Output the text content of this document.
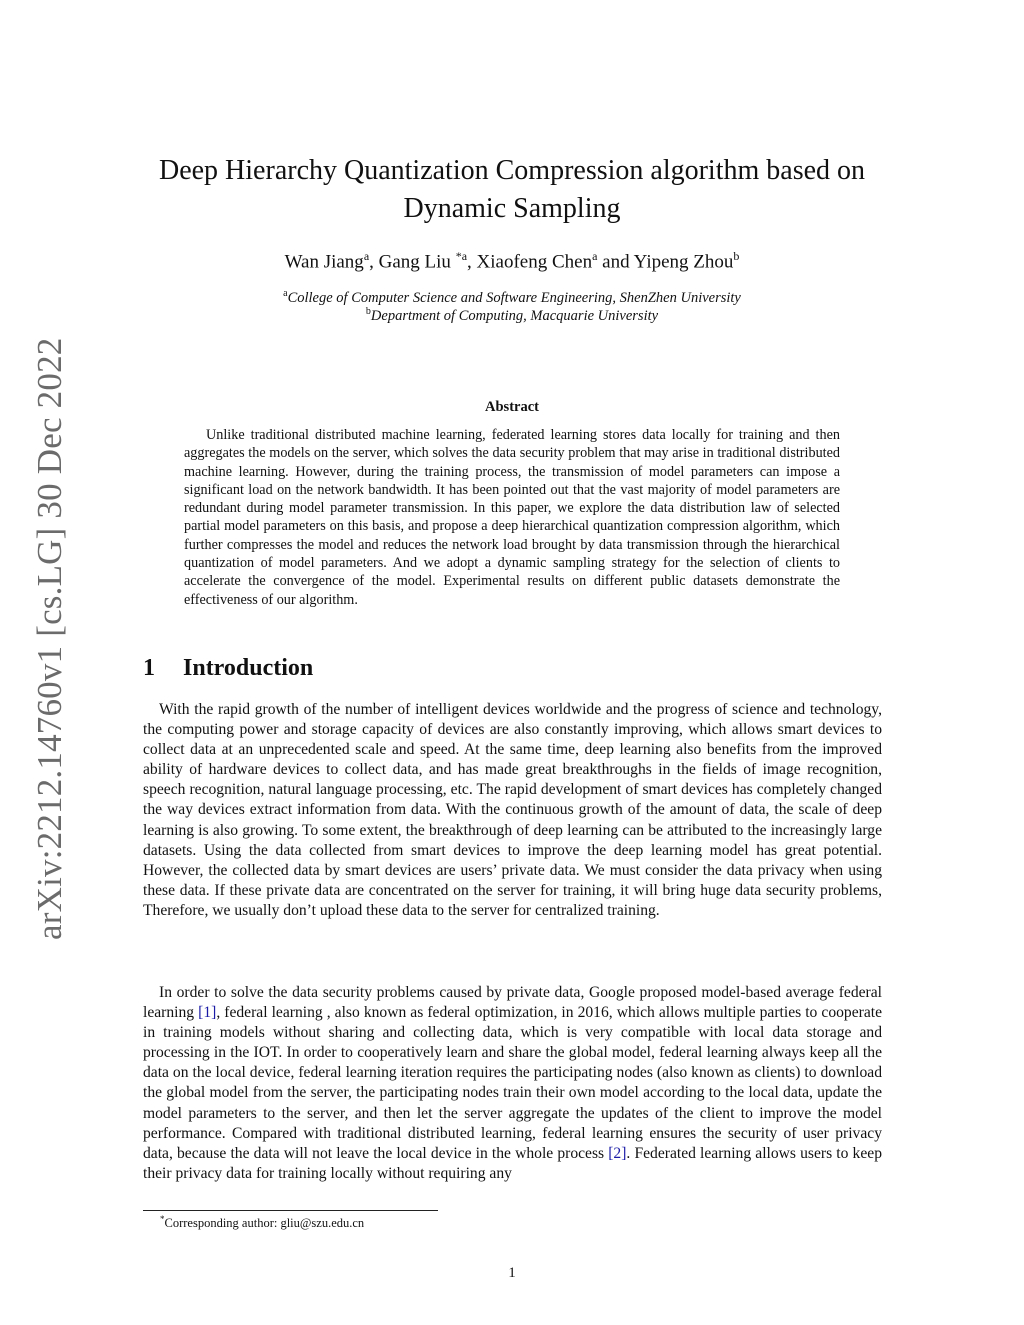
arXiv:2212.14760v1 [cs.LG] 30 Dec 2022
Deep Hierarchy Quantization Compression algorithm based on
Dynamic Sampling
Wan Jiang$^a$, Gang Liu $^{*a}$, Xiaofeng Chen$^a$ and Yipeng Zhou$^b$
$^a$College of Computer Science and Software Engineering, ShenZhen University
$^b$Department of Computing, Macquarie University
Abstract

Unlike traditional distributed machine learning, federated learning stores data locally for training and then aggregates the models on the server, which solves the data security problem that may arise in traditional distributed machine learning. However, during the training process, the transmission of model parameters can impose a significant load on the network bandwidth. It has been pointed out that the vast majority of model parameters are redundant during model parameter transmission. In this paper, we explore the data distribution law of selected partial model parameters on this basis, and propose a deep hierarchical quantization compression algorithm, which further compresses the model and reduces the network load brought by data transmission through the hierarchical quantization of model parameters. And we adopt a dynamic sampling strategy for the selection of clients to accelerate the convergence of the model. Experimental results on different public datasets demonstrate the effectiveness of our algorithm.

1 Introduction

With the rapid growth of the number of intelligent devices worldwide and the progress of science and technology, the computing power and storage capacity of devices are also constantly improving, which allows smart devices to collect data at an unprecedented scale and speed. At the same time, deep learning also benefits from the improved ability of hardware devices to collect data, and has made great breakthroughs in the fields of image recognition, speech recognition, natural language processing, etc. The rapid development of smart devices has completely changed the way devices extract information from data. With the continuous growth of the amount of data, the scale of deep learning is also growing. To some extent, the breakthrough of deep learning can be attributed to the increasingly large datasets. Using the data collected from smart devices to improve the deep learning model has great potential. However, the collected data by smart devices are users’ private data. We must consider the data privacy when using these data. If these private data are concentrated on the server for training, it will bring huge data security problems, Therefore, we usually don’t upload these data to the server for centralized training.

In order to solve the data security problems caused by private data, Google proposed model-based average federal learning [1], federal learning , also known as federal optimization, in 2016, which allows multiple parties to cooperate in training models without sharing and collecting data, which is very compatible with local data storage and processing in the IOT. In order to cooperatively learn and share the global model, federal learning always keep all the data on the local device, federal learning iteration requires the participating nodes (also known as clients) to download the global model from the server, the participating nodes train their own model according to the local data, update the model parameters to the server, and then let the server aggregate the updates of the client to improve the model performance. Compared with traditional distributed learning, federal learning ensures the security of user privacy data, because the data will not leave the local device in the whole process [2]. Federated learning allows users to keep their privacy data for training locally without requiring any

*Corresponding author: gliu@szu.edu.cn
1
